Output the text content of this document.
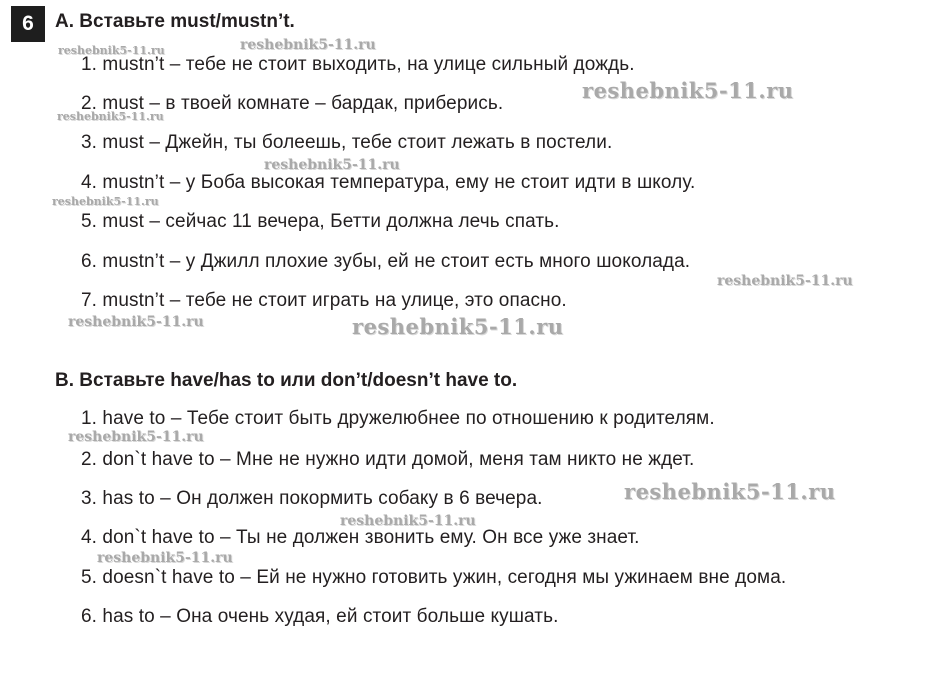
6	A. Вставьте must/mustn’t.
1. mustn’t – тебе не стоит выходить, на улице сильный дождь.
2. must – в твоей комнате – бардак, приберись.
3. must – Джейн, ты болеешь, тебе стоит лежать в постели.
4. mustn’t – у Боба высокая температура, ему не стоит идти в школу.
5. must – сейчас 11 вечера, Бетти должна лечь спать.
6. mustn’t – у Джилл плохие зубы, ей не стоит есть много шоколада.
7. mustn’t – тебе не стоит играть на улице, это опасно.
B. Вставьте have/has to или don’t/doesn’t have to.
1. have to – Тебе стоит быть дружелюбнее по отношению к родителям.
2. don`t have to – Мне не нужно идти домой, меня там никто не ждет.
3. has to – Он должен покормить собаку в 6 вечера.
4. don`t have to – Ты не должен звонить ему. Он все уже знает.
5. doesn`t have to – Ей не нужно готовить ужин, сегодня мы ужинаем вне дома.
6. has to – Она очень худая, ей стоит больше кушать.
reshebnik5-11.ru	reshebnik5-11.ru
reshebnik5-11.ru
reshebnik5-11.ru
reshebnik5-11.ru
reshebnik5-11.ru
reshebnik5-11.ru
reshebnik5-11.ru	reshebnik5-11.ru
reshebnik5-11.ru
reshebnik5-11.ru
reshebnik5-11.ru
reshebnik5-11.ru
